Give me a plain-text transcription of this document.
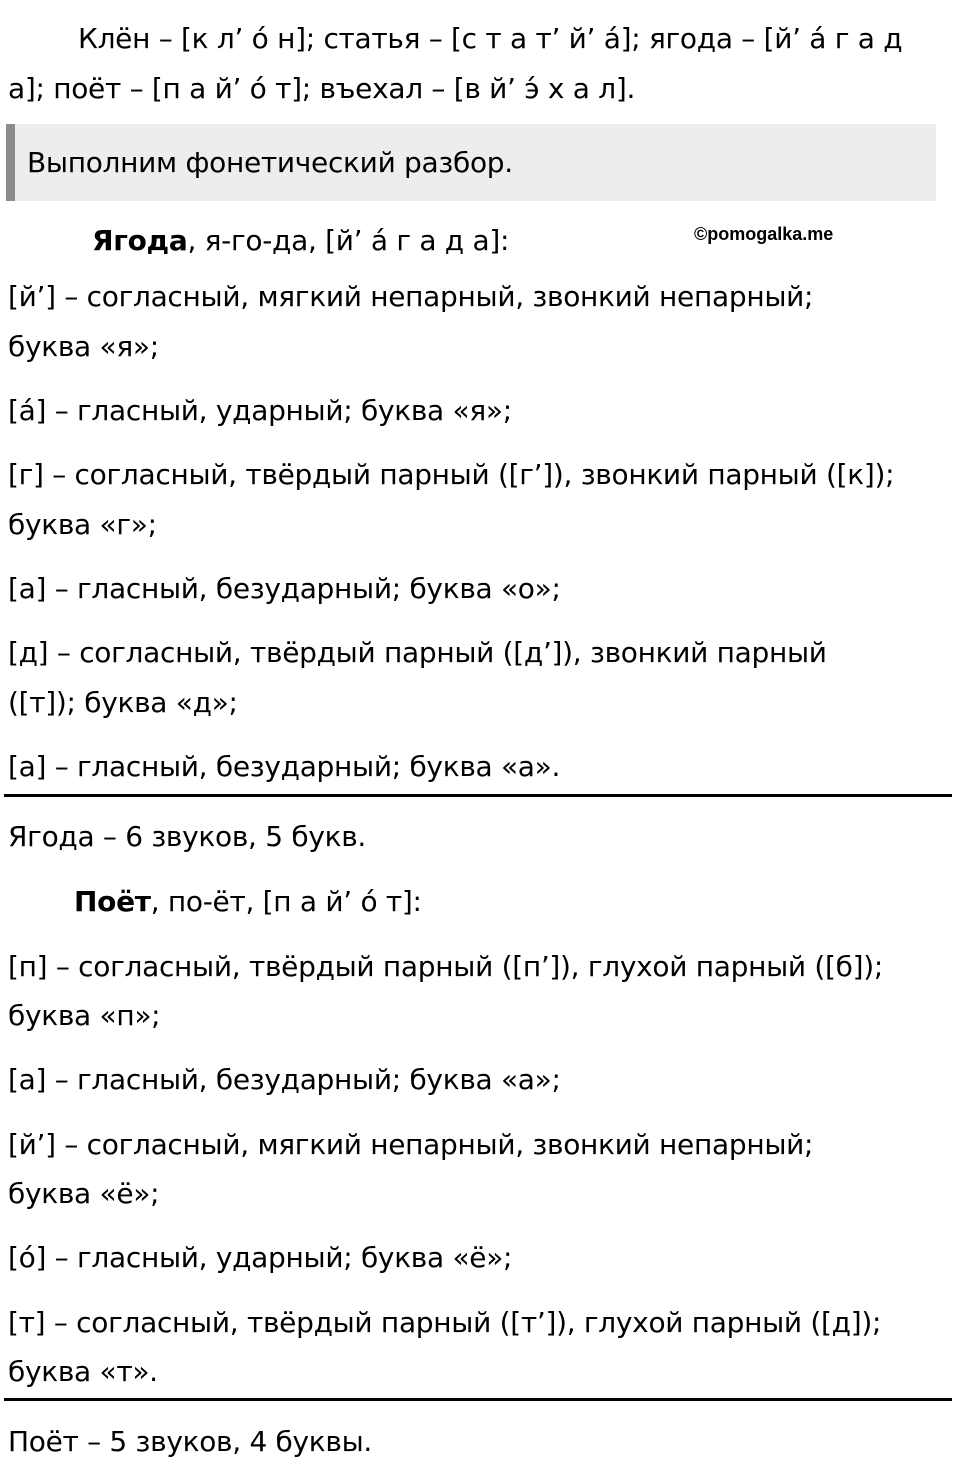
Клён – [к л’ о́ н]; статья – [с т а т’ й’ а́]; ягода – [й’ а́ г а д
а]; поёт – [п а й’ о́ т]; въехал – [в й’ э́ х а л].
Выполним фонетический разбор.
Ягода, я-го-да, [й’ а́ г а д а]:	©pomogalka.me
[й’] – согласный, мягкий непарный, звонкий непарный;
буква «я»;
[а́] – гласный, ударный; буква «я»;
[г] – согласный, твёрдый парный ([г’]), звонкий парный ([к]);
буква «г»;
[а] – гласный, безударный; буква «о»;
[д] – согласный, твёрдый парный ([д’]), звонкий парный
([т]); буква «д»;
[а] – гласный, безударный; буква «а».
Ягода – 6 звуков, 5 букв.
Поёт, по-ёт, [п а й’ о́ т]:
[п] – согласный, твёрдый парный ([п’]), глухой парный ([б]);
буква «п»;
[а] – гласный, безударный; буква «а»;
[й’] – согласный, мягкий непарный, звонкий непарный;
буква «ё»;
[о́] – гласный, ударный; буква «ё»;
[т] – согласный, твёрдый парный ([т’]), глухой парный ([д]);
буква «т».
Поёт – 5 звуков, 4 буквы.
